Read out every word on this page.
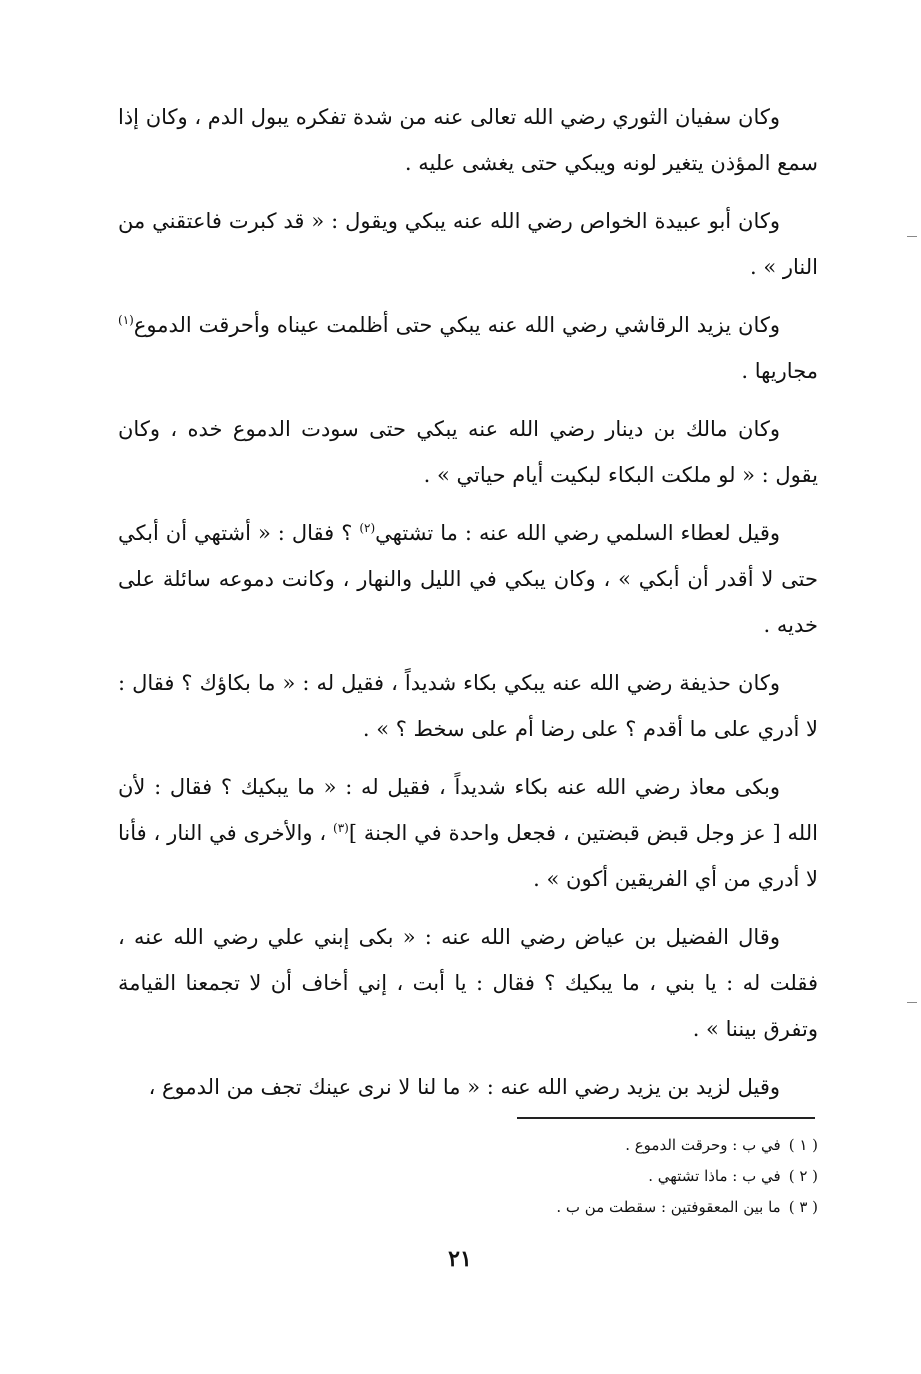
وكان سفيان الثوري رضي الله تعالى عنه من شدة تفكره يبول الدم ، وكان إذا سمع المؤذن يتغير لونه ويبكي حتى يغشى عليه .

وكان أبو عبيدة الخواص رضي الله عنه يبكي ويقول : « قد كبرت فاعتقني من النار » .

وكان يزيد الرقاشي رضي الله عنه يبكي حتى أظلمت عيناه وأحرقت الدموع$^{(١)}$ مجاريها .

وكان مالك بن دينار رضي الله عنه يبكي حتى سودت الدموع خده ، وكان يقول : « لو ملكت البكاء لبكيت أيام حياتي » .

وقيل لعطاء السلمي رضي الله عنه : ما تشتهي$^{(٢)}$ ؟ فقال : « أشتهي أن أبكي حتى لا أقدر أن أبكي » ، وكان يبكي في الليل والنهار ، وكانت دموعه سائلة على خديه .

وكان حذيفة رضي الله عنه يبكي بكاء شديداً ، فقيل له : « ما بكاؤك ؟ فقال : لا أدري على ما أقدم ؟ على رضا أم على سخط ؟ » .

وبكى معاذ رضي الله عنه بكاء شديداً ، فقيل له : « ما يبكيك ؟ فقال : لأن الله [ عز وجل قبض قبضتين ، فجعل واحدة في الجنة ]$^{(٣)}$ ، والأخرى في النار ، فأنا لا أدري من أي الفريقين أكون » .

وقال الفضيل بن عياض رضي الله عنه : « بكى إبني علي رضي الله عنه ، فقلت له : يا بني ، ما يبكيك ؟ فقال : يا أبت ، إني أخاف أن لا تجمعنا القيامة وتفرق بيننا » .

وقيل لزيد بن يزيد رضي الله عنه : « ما لنا لا نرى عينك تجف من الدموع ،

( ١ )في ب : وحرقت الدموع .
( ٢ )في ب : ماذا تشتهي .
( ٣ )ما بين المعقوفتين : سقطت من ب .
٢١
